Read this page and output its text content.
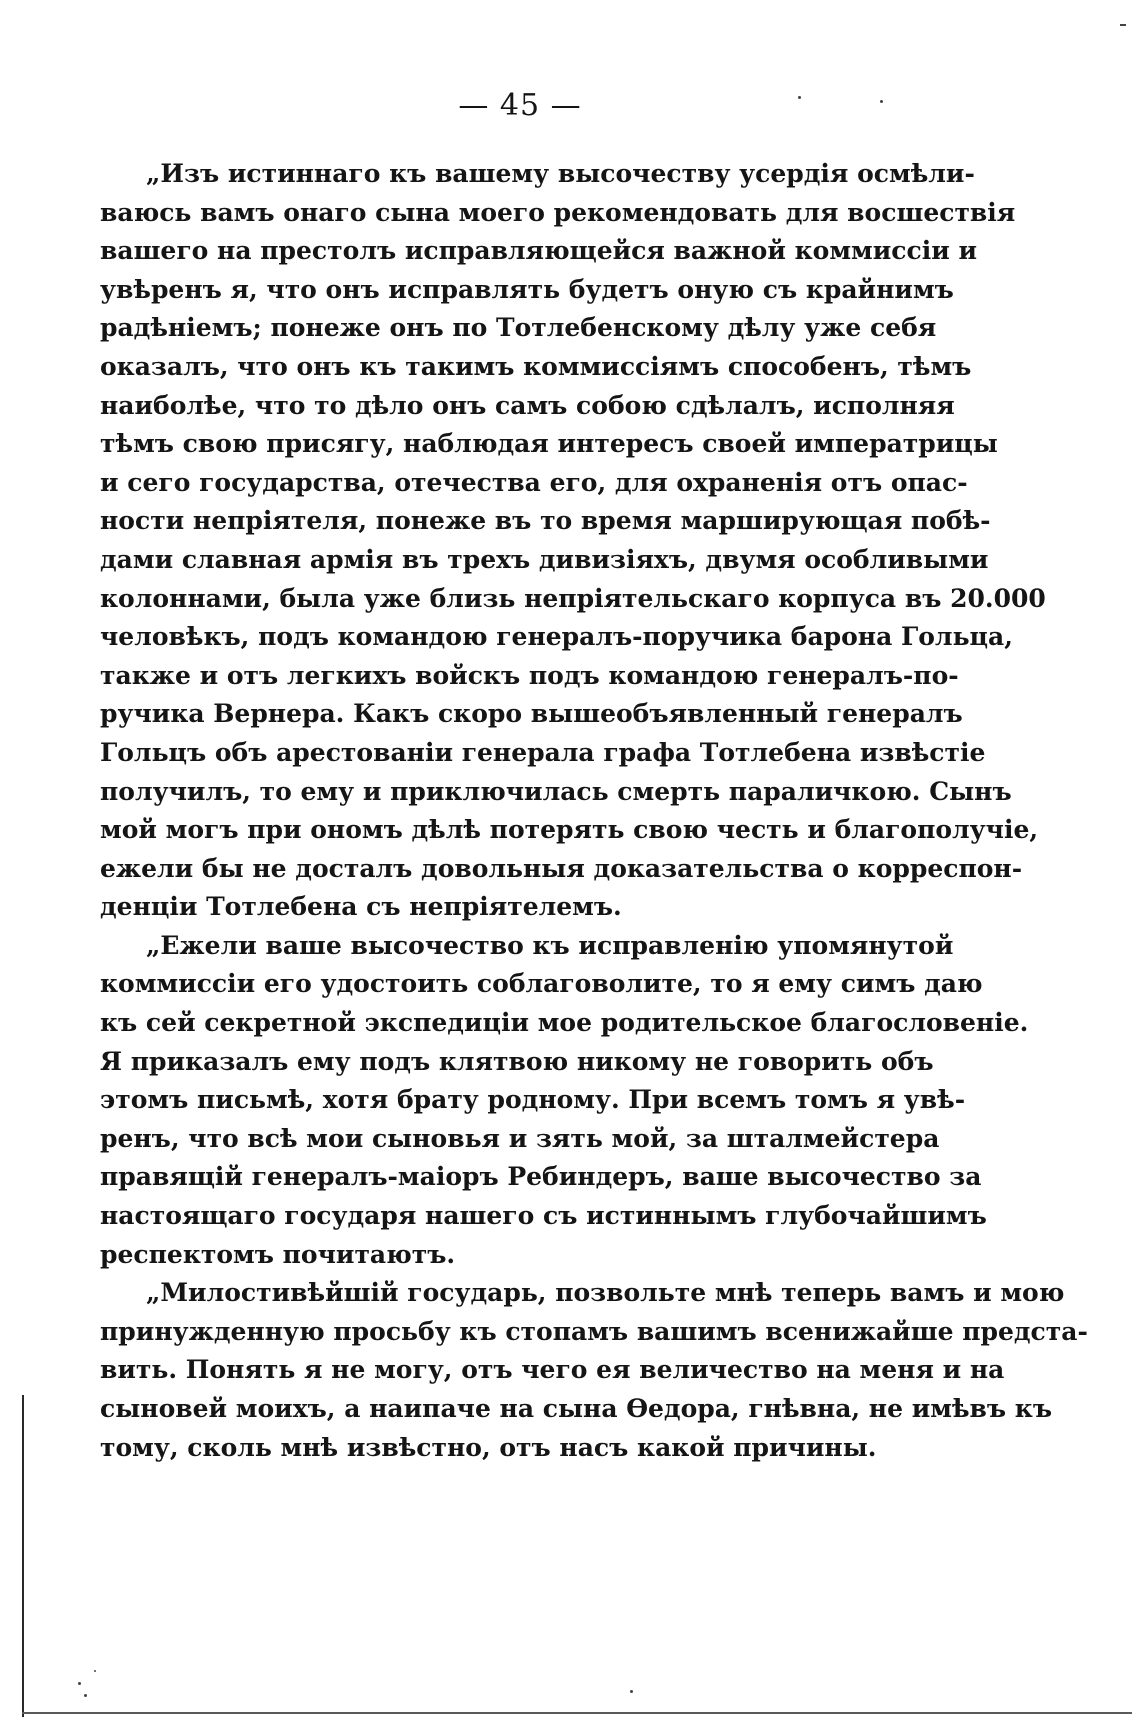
— 45 —
„Изъ истиннаго къ вашему высочеству усердія осмѣли-
ваюсь вамъ онаго сына моего рекомендовать для восшествія
вашего на престолъ исправляющейся важной коммиссіи и
увѣренъ я, что онъ исправлять будетъ оную съ крайнимъ
радѣніемъ; понеже онъ по Тотлебенскому дѣлу уже себя
оказалъ, что онъ къ такимъ коммиссіямъ способенъ, тѣмъ
наиболѣе, что то дѣло онъ самъ собою сдѣлалъ, исполняя
тѣмъ свою присягу, наблюдая интересъ своей императрицы
и сего государства, отечества его, для охраненія отъ опас-
ности непріятеля, понеже въ то время марширующая побѣ-
дами славная армія въ трехъ дивизіяхъ, двумя особливыми
колоннами, была уже близь непріятельскаго корпуса въ 20.000
человѣкъ, подъ командою генералъ-поручика барона Гольца,
также и отъ легкихъ войскъ подъ командою генералъ-по-
ручика Вернера. Какъ скоро вышеобъявленный генералъ
Гольцъ объ арестованіи генерала графа Тотлебена извѣстіе
получилъ, то ему и приключилась смерть параличкою. Сынъ
мой могъ при ономъ дѣлѣ потерять свою честь и благополучіе,
ежели бы не досталъ довольныя доказательства о корреспон-
денціи Тотлебена съ непріятелемъ.
„Ежели ваше высочество къ исправленію упомянутой
коммиссіи его удостоить соблаговолите, то я ему симъ даю
къ сей секретной экспедиціи мое родительское благословеніе.
Я приказалъ ему подъ клятвою никому не говорить объ
этомъ письмѣ, хотя брату родному. При всемъ томъ я увѣ-
ренъ, что всѣ мои сыновья и зять мой, за шталмейстера
правящій генералъ-маіоръ Ребиндеръ, ваше высочество за
настоящаго государя нашего съ истиннымъ глубочайшимъ
респектомъ почитаютъ.
„Милостивѣйшій государь, позвольте мнѣ теперь вамъ и мою
принужденную просьбу къ стопамъ вашимъ всенижайше предста-
вить. Понять я не могу, отъ чего ея величество на меня и на
сыновей моихъ, а наипаче на сына Ѳедора, гнѣвна, не имѣвъ къ
тому, сколь мнѣ извѣстно, отъ насъ какой причины.
